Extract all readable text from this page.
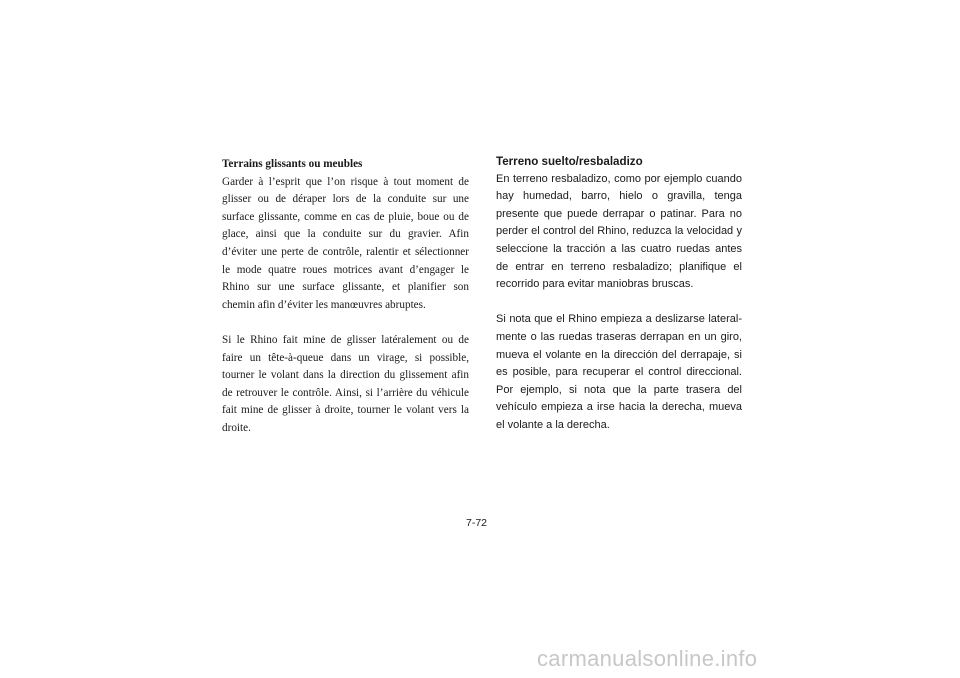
Terrains glissants ou meubles

Garder à l’esprit que l’on risque à tout moment de glisser ou de déraper lors de la conduite sur une surface glissante, comme en cas de pluie, boue ou de glace, ainsi que la conduite sur du gravier. Afin d’éviter une perte de contrôle, ralentir et sélectionner le mode quatre roues motrices avant d’engager le Rhino sur une surface glissante, et planifier son chemin afin d’éviter les manœuvres abruptes.

Si le Rhino fait mine de glisser latéralement ou de faire un tête-à-queue dans un virage, si possible, tourner le volant dans la direction du glissement afin de retrouver le contrôle. Ainsi, si l’arrière du véhicule fait mine de glisser à droite, tourner le volant vers la droite.

Terreno suelto/resbaladizo

En terreno resbaladizo, como por ejemplo cuando hay humedad, barro, hielo o gravilla, tenga presente que puede derrapar o patinar. Para no perder el control del Rhino, reduzca la velocidad y seleccione la tracción a las cuatro ruedas antes de entrar en terreno resbaladizo; planifique el recorrido para evitar maniobras bruscas.

Si nota que el Rhino empieza a deslizarse lateralmente o las ruedas traseras derrapan en un giro, mueva el volante en la dirección del derrapaje, si es posible, para recuperar el control direccional. Por ejemplo, si nota que la parte trasera del vehículo empieza a irse hacia la derecha, mueva el volante a la derecha.

7-72
carmanualsonline.info
